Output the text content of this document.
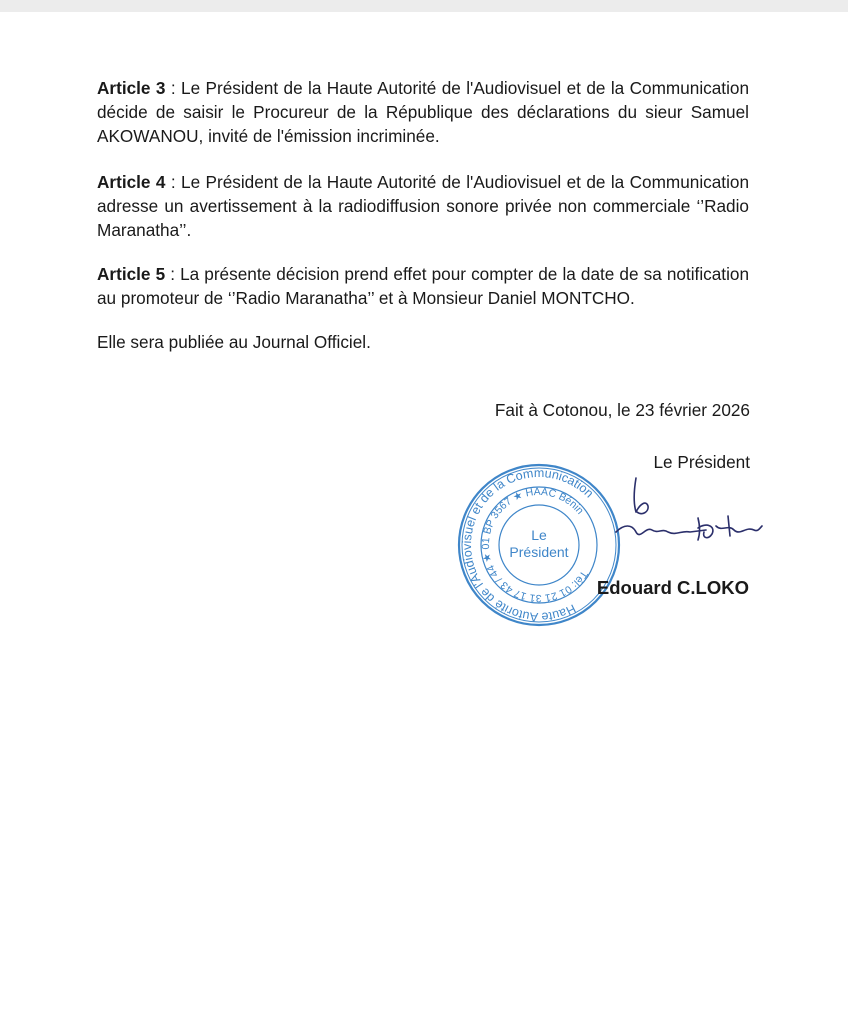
Article 3 : Le Président de la Haute Autorité de l'Audiovisuel et de la Communication décide de saisir le Procureur de la République des déclarations du sieur Samuel AKOWANOU, invité de l'émission incriminée.

Article 4 : Le Président de la Haute Autorité de l'Audiovisuel et de la Communication adresse un avertissement à la radiodiffusion sonore privée non commerciale ‘’Radio Maranatha’’.

Article 5 : La présente décision prend effet pour compter de la date de sa notification au promoteur de ‘’Radio Maranatha’’ et à Monsieur Daniel MONTCHO.

Elle sera publiée au Journal Officiel.
Fait à Cotonou, le 23 février 2026
Le Président
Haute Autorité de l'Audiovisuel et de la Communication
Tél: 01 21 31 17 43 / 44 ★ 01 BP 3567 ★ HAAC Bénin
Le
Président
Edouard C.LOKO
